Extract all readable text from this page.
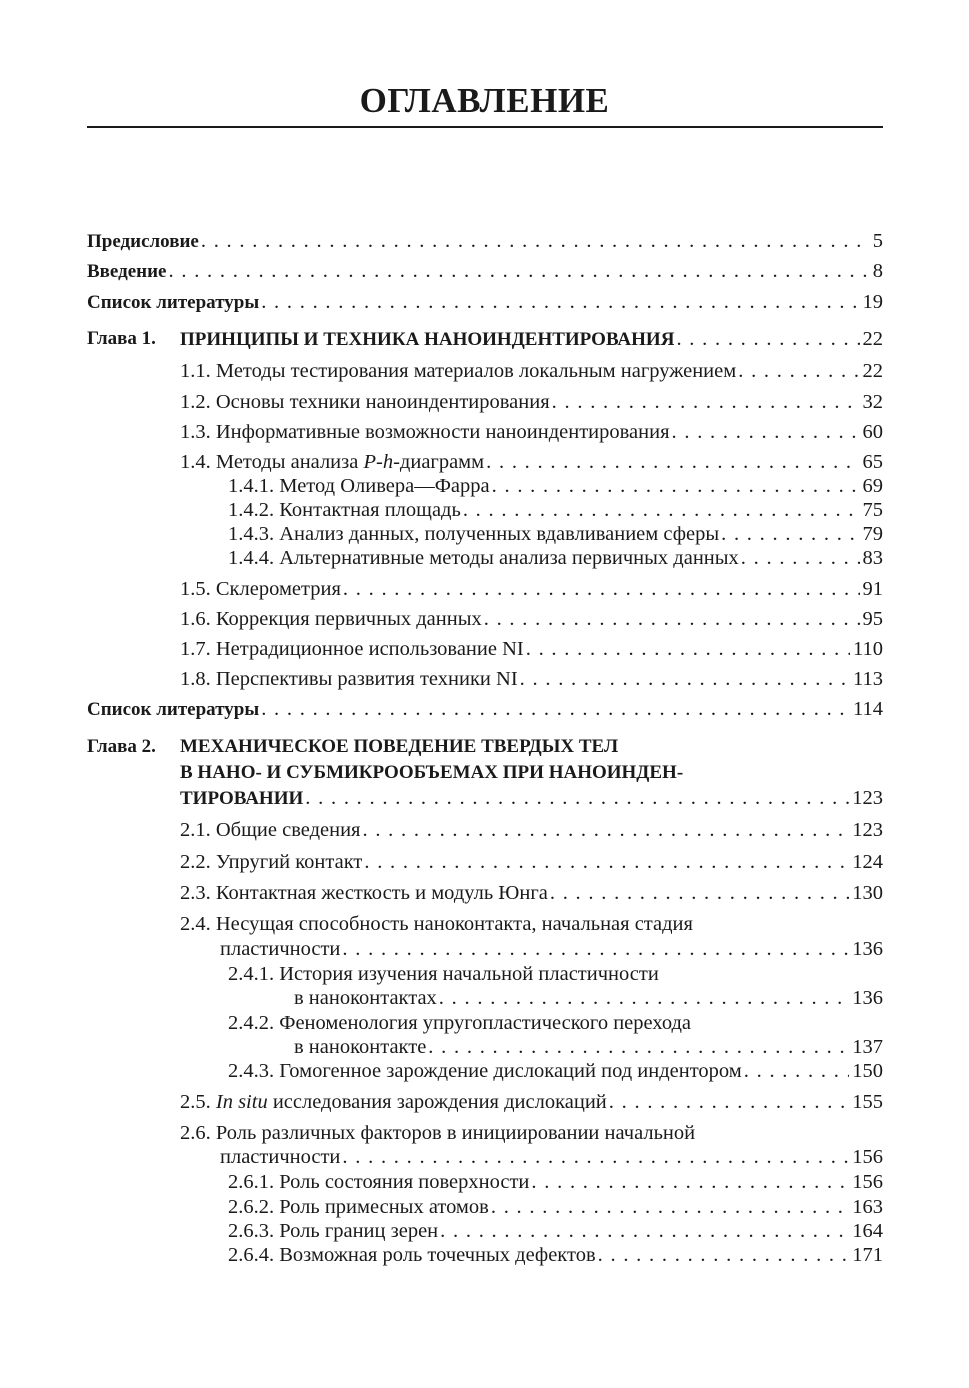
ОГЛАВЛЕНИЕ
Предисловие . . .	5
Введение . . .	8
Список литературы . . .	19
Глава 1. ПРИНЦИПЫ И ТЕХНИКА НАНОИНДЕНТИРОВАНИЯ . . .	22
1.1. Методы тестирования материалов локальным нагружением . . .	22
1.2. Основы техники наноиндентирования . . .	32
1.3. Информативные возможности наноиндентирования . . .	60
1.4. Методы анализа P-h-диаграмм . . .	65
1.4.1. Метод Оливера—Фарра . . .	69
1.4.2. Контактная площадь . . .	75
1.4.3. Анализ данных, полученных вдавливанием сферы . . .	79
1.4.4. Альтернативные методы анализа первичных данных . . .	83
1.5. Склерометрия . . .	91
1.6. Коррекция первичных данных . . .	95
1.7. Нетрадиционное использование NI . . .	110
1.8. Перспективы развития техники NI . . .	113
Список литературы . . .	114
Глава 2. МЕХАНИЧЕСКОЕ ПОВЕДЕНИЕ ТВЕРДЫХ ТЕЛ
В НАНО- И СУБМИКРООБЪЕМАХ ПРИ НАНОИНДЕН-
ТИРОВАНИИ . . .	123
2.1. Общие сведения . . .	123
2.2. Упругий контакт . . .	124
2.3. Контактная жесткость и модуль Юнга . . .	130
2.4. Несущая способность наноконтакта, начальная стадия
пластичности . . .	136
2.4.1. История изучения начальной пластичности
в наноконтактах . . .	136
2.4.2. Феноменология упругопластического перехода
в наноконтакте . . .	137
2.4.3. Гомогенное зарождение дислокаций под индентором . . .	150
2.5. In situ исследования зарождения дислокаций . . .	155
2.6. Роль различных факторов в инициировании начальной
пластичности . . .	156
2.6.1. Роль состояния поверхности . . .	156
2.6.2. Роль примесных атомов . . .	163
2.6.3. Роль границ зерен . . .	164
2.6.4. Возможная роль точечных дефектов . . .	171
